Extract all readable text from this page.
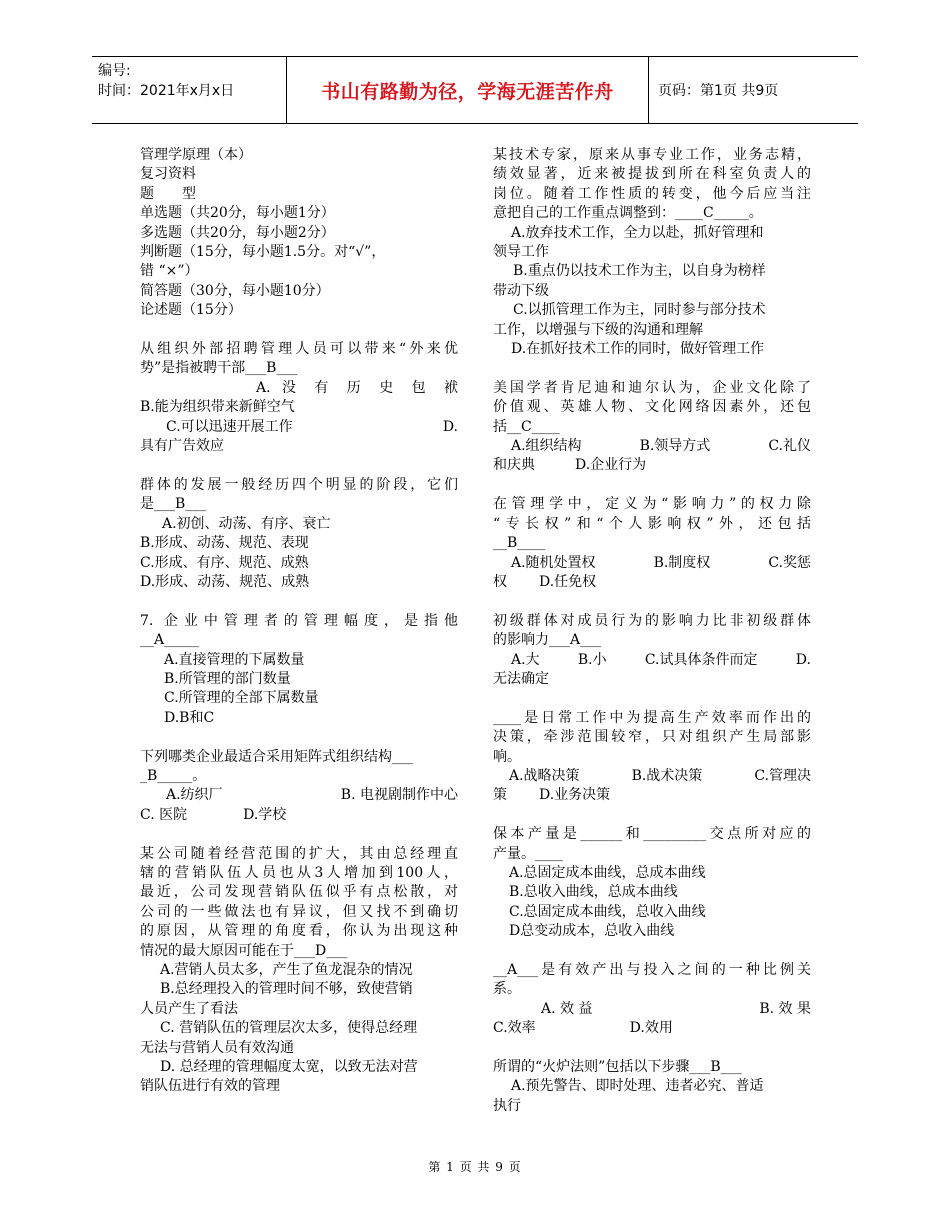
编号:
时间：2021年x月x日	书山有路勤为径，学海无涯苦作舟	页码：第1页 共9页

管理学原理（本）

复习资料

题　　型

单选题（共20分，每小题1分）

多选题（共20分，每小题2分）

判断题（15分，每小题1.5分。对“√”，

错 “×”）

简答题（30分，每小题10分）

论述题（15分）

从组织外部招聘管理人员可以带来“外来优

势”是指被聘干部___B___

A. 没 有 历 史 包 袱

B.能为组织带来新鲜空气

C.可以迅速开展工作	D.

具有广告效应

群体的发展一般经历四个明显的阶段，它们

是___B___

A.初创、动荡、有序、衰亡

B.形成、动荡、规范、表现

C.形成、有序、规范、成熟

D.形成、动荡、规范、成熟

7. 企业中管理者的管理幅度，是指他

__A_____

A.直接管理的下属数量

B.所管理的部门数量

C.所管理的全部下属数量

D.B和C

下列哪类企业最适合采用矩阵式组织结构___

_B_____。

A.纺织厂	B. 电视剧制作中心

C. 医院	D.学校

某公司随着经营范围的扩大，其由总经理直

辖的营销队伍人员也从3人增加到100人，

最近，公司发现营销队伍似乎有点松散，对

公司的一些做法也有异议，但又找不到确切

的原因，从管理的角度看，你认为出现这种

情况的最大原因可能在于___D___

A.营销人员太多，产生了鱼龙混杂的情况

B.总经理投入的管理时间不够，致使营销

人员产生了看法

C. 营销队伍的管理层次太多，使得总经理

无法与营销人员有效沟通

D. 总经理的管理幅度太宽，以致无法对营

销队伍进行有效的管理

某技术专家，原来从事专业工作，业务志精，

绩效显著，近来被提拔到所在科室负责人的

岗位。随着工作性质的转变，他今后应当注

意把自己的工作重点调整到：____C_____。

A.放弃技术工作，全力以赴，抓好管理和

领导工作

B.重点仍以技术工作为主，以自身为榜样

带动下级

C.以抓管理工作为主，同时参与部分技术

工作，以增强与下级的沟通和理解

D.在抓好技术工作的同时，做好管理工作

美国学者肯尼迪和迪尔认为，企业文化除了

价值观、英雄人物、文化网络因素外，还包

括__C____

A.组织结构	B.领导方式	C.礼仪

和庆典	D.企业行为

在管理学中，定义为“影响力”的权力除

“专长权”和“个人影响权”外，还包括

__B____

A.随机处置权	B.制度权	C.奖惩

权 D.任免权

初级群体对成员行为的影响力比非初级群体

的影响力___A___

A.大	B.小	C.试具体条件而定	D.

无法确定

____是日常工作中为提高生产效率而作出的

决策，牵涉范围较窄，只对组织产生局部影

响。

A.战略决策	B.战术决策	C.管理决

策 D.业务决策

保本产量是______和_________交点所对应的

产量。____

A.总固定成本曲线，总成本曲线

B.总收入曲线，总成本曲线

C.总固定成本曲线，总收入曲线

D总变动成本，总收入曲线

__A___是有效产出与投入之间的一种比例关

系。

A. 效 益	B. 效 果

C.效率	D.效用

所谓的“火炉法则”包括以下步骤___B___

A.预先警告、即时处理、违者必究、普适

执行

第 1 页 共 9 页
